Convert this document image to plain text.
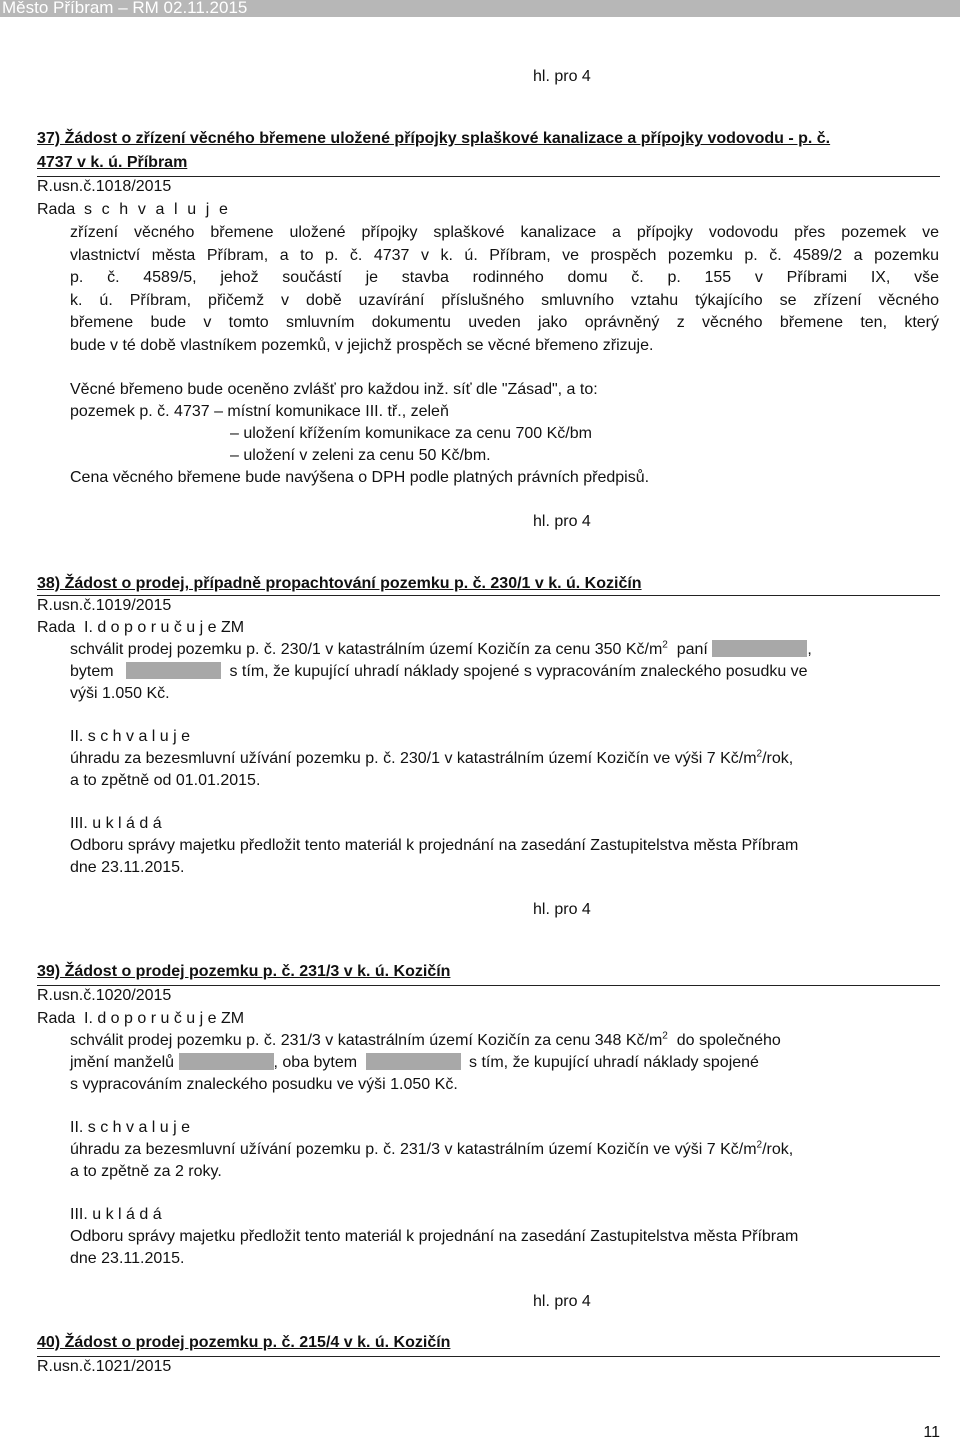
Město Příbram – RM 02.11.2015
hl. pro 4
37) Žádost o zřízení věcného břemene uložené přípojky splaškové kanalizace a přípojky vodovodu - p. č.
4737 v k. ú. Příbram
R.usn.č.1018/2015
Rada s c h v a l u j e
zřízení věcného břemene uložené přípojky splaškové kanalizace a přípojky vodovodu přes pozemek ve
vlastnictví města Příbram, a to p. č. 4737 v k. ú. Příbram, ve prospěch pozemku p. č. 4589/2 a pozemku
p. č. 4589/5, jehož součástí je stavba rodinného domu č. p. 155 v Příbrami IX, vše
k. ú. Příbram, přičemž v době uzavírání příslušného smluvního vztahu týkajícího se zřízení věcného
břemene bude v tomto smluvním dokumentu uveden jako oprávněný z věcného břemene ten, který
bude v té době vlastníkem pozemků, v jejichž prospěch se věcné břemeno zřizuje.
Věcné břemeno bude oceněno zvlášť pro každou inž. síť dle "Zásad", a to:
pozemek p. č. 4737 – místní komunikace III. tř., zeleň
– uložení křížením komunikace za cenu 700 Kč/bm
– uložení v zeleni za cenu 50 Kč/bm.
Cena věcného břemene bude navýšena o DPH podle platných právních předpisů.
hl. pro 4
38) Žádost o prodej, případně propachtování pozemku p. č. 230/1 v k. ú. Kozičín
R.usn.č.1019/2015
Rada I. d o p o r u č u j e ZM
schválit prodej pozemku p. č. 230/1 v katastrálním území Kozičín za cenu 350 $Kč/m^2$ paní	,
bytem	s tím, že kupující uhradí náklady spojené s vypracováním znaleckého posudku ve
výši 1.050 Kč.
II. s c h v a l u j e
úhradu za bezesmluvní užívání pozemku p. č. 230/1 v katastrálním území Kozičín ve výši 7 $Kč/m^2$/rok,
a to zpětně od 01.01.2015.
III. u k l á d á
Odboru správy majetku předložit tento materiál k projednání na zasedání Zastupitelstva města Příbram
dne 23.11.2015.
hl. pro 4
39) Žádost o prodej pozemku p. č. 231/3 v k. ú. Kozičín
R.usn.č.1020/2015
Rada I. d o p o r u č u j e ZM
schválit prodej pozemku p. č. 231/3 v katastrálním území Kozičín za cenu 348 $Kč/m^2$ do společného
jmění manželů	, oba bytem	s tím, že kupující uhradí náklady spojené
s vypracováním znaleckého posudku ve výši 1.050 Kč.
II. s c h v a l u j e
úhradu za bezesmluvní užívání pozemku p. č. 231/3 v katastrálním území Kozičín ve výši 7 $Kč/m^2$/rok,
a to zpětně za 2 roky.
III. u k l á d á
Odboru správy majetku předložit tento materiál k projednání na zasedání Zastupitelstva města Příbram
dne 23.11.2015.
hl. pro 4
40) Žádost o prodej pozemku p. č. 215/4 v k. ú. Kozičín
R.usn.č.1021/2015
11
